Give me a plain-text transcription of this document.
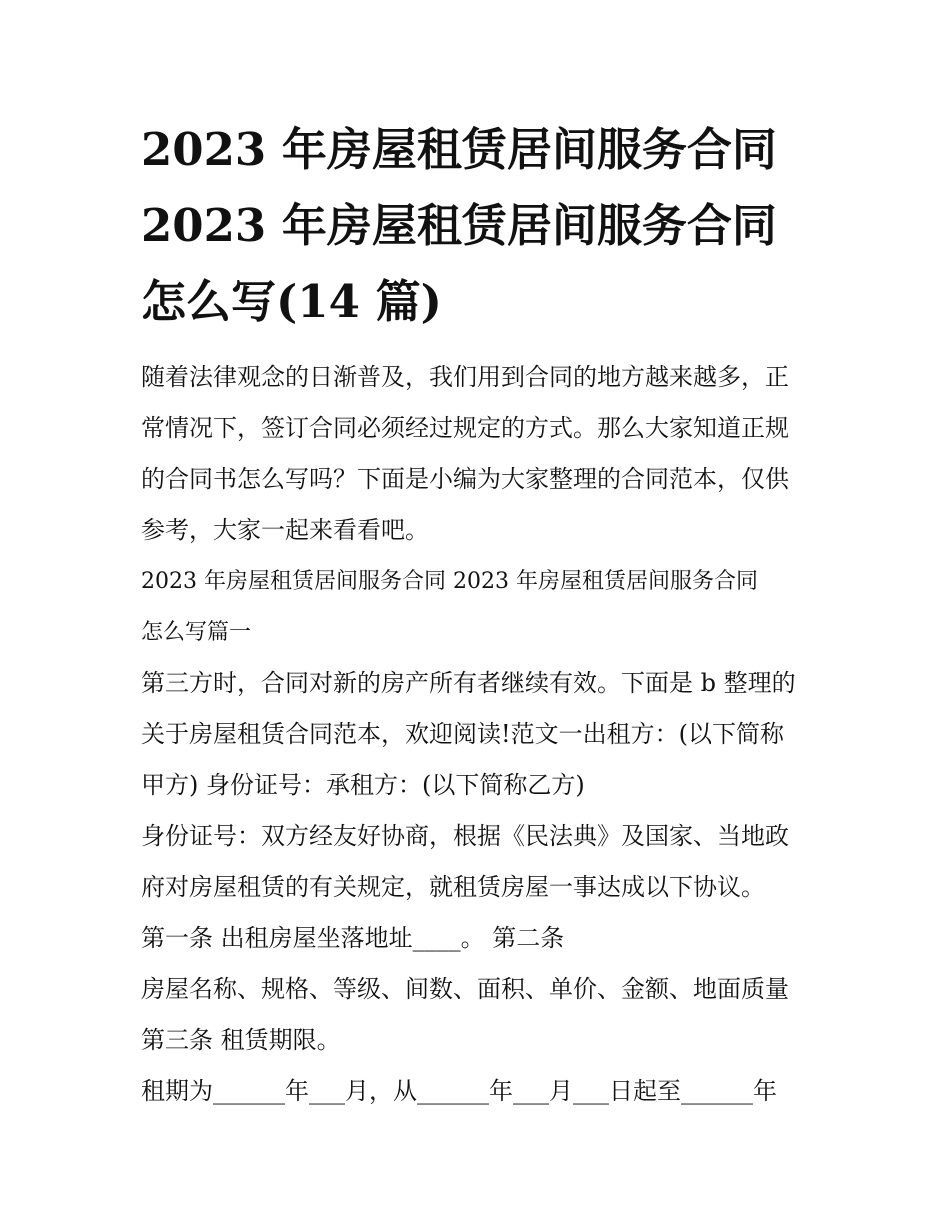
2023 年房屋租赁居间服务合同
2023 年房屋租赁居间服务合同
怎么写(14 篇)

随着法律观念的日渐普及，我们用到合同的地方越来越多，正
常情况下，签订合同必须经过规定的方式。那么大家知道正规
的合同书怎么写吗？下面是小编为大家整理的合同范本，仅供
参考，大家一起来看看吧。

2023 年房屋租赁居间服务合同 2023 年房屋租赁居间服务合同
怎么写篇一

第三方时，合同对新的房产所有者继续有效。下面是 b 整理的
关于房屋租赁合同范本，欢迎阅读!范文一出租方：(以下简称
甲方) 身份证号：承租方：(以下简称乙方)

身份证号：双方经友好协商，根据《民法典》及国家、当地政
府对房屋租赁的有关规定，就租赁房屋一事达成以下协议。

第一条 出租房屋坐落地址____。 第二条

房屋名称、规格、等级、间数、面积、单价、金额、地面质量
第三条 租赁期限。

租期为______年___月，从______年___月___日起至______年
